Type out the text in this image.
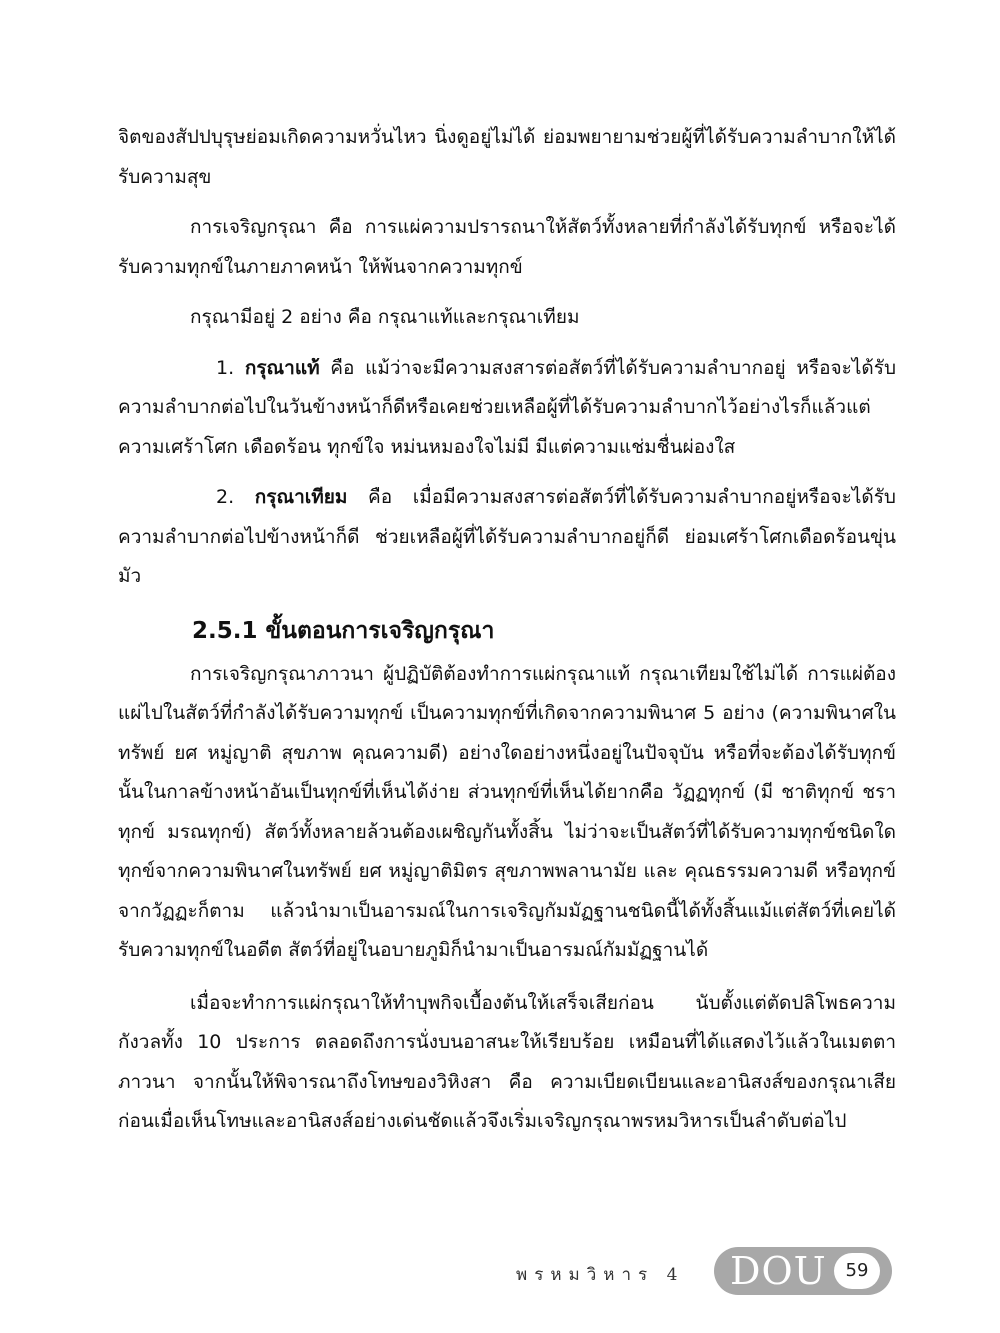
จิตของสัปปบุรุษย่อมเกิดความหวั่นไหว นิ่งดูอยู่ไม่ได้ ย่อมพยายามช่วยผู้ที่ได้รับความลำบากให้ได้รับความสุข

การเจริญกรุณา คือ การแผ่ความปรารถนาให้สัตว์ทั้งหลายที่กำลังได้รับทุกข์ หรือจะได้รับความทุกข์ในภายภาคหน้า ให้พ้นจากความทุกข์

กรุณามีอยู่ 2 อย่าง คือ กรุณาแท้และกรุณาเทียม

1. กรุณาแท้ คือ แม้ว่าจะมีความสงสารต่อสัตว์ที่ได้รับความลำบากอยู่ หรือจะได้รับความลำบากต่อไปในวันข้างหน้าก็ดีหรือเคยช่วยเหลือผู้ที่ได้รับความลำบากไว้อย่างไรก็แล้วแต่ ความเศร้าโศก เดือดร้อน ทุกข์ใจ หม่นหมองใจไม่มี มีแต่ความแช่มชื่นผ่องใส

2. กรุณาเทียม คือ เมื่อมีความสงสารต่อสัตว์ที่ได้รับความลำบากอยู่หรือจะได้รับความลำบากต่อไปข้างหน้าก็ดี ช่วยเหลือผู้ที่ได้รับความลำบากอยู่ก็ดี ย่อมเศร้าโศกเดือดร้อนขุ่นมัว

2.5.1 ขั้นตอนการเจริญกรุณา

การเจริญกรุณาภาวนา ผู้ปฏิบัติต้องทำการแผ่กรุณาแท้ กรุณาเทียมใช้ไม่ได้ การแผ่ต้องแผ่ไปในสัตว์ที่กำลังได้รับความทุกข์ เป็นความทุกข์ที่เกิดจากความพินาศ 5 อย่าง (ความพินาศในทรัพย์ ยศ หมู่ญาติ สุขภาพ คุณความดี) อย่างใดอย่างหนึ่งอยู่ในปัจจุบัน หรือที่จะต้องได้รับทุกข์นั้นในกาลข้างหน้าอันเป็นทุกข์ที่เห็นได้ง่าย ส่วนทุกข์ที่เห็นได้ยากคือ วัฏฏทุกข์ (มี ชาติทุกข์ ชราทุกข์ มรณทุกข์) สัตว์ทั้งหลายล้วนต้องเผชิญกันทั้งสิ้น ไม่ว่าจะเป็นสัตว์ที่ได้รับความทุกข์ชนิดใด ทุกข์จากความพินาศในทรัพย์ ยศ หมู่ญาติมิตร สุขภาพพลานามัย และ คุณธรรมความดี หรือทุกข์จากวัฏฏะก็ตาม แล้วนำมาเป็นอารมณ์ในการเจริญกัมมัฏฐานชนิดนี้ได้ทั้งสิ้นแม้แต่สัตว์ที่เคยได้รับความทุกข์ในอดีต สัตว์ที่อยู่ในอบายภูมิก็นำมาเป็นอารมณ์กัมมัฏฐานได้

เมื่อจะทำการแผ่กรุณาให้ทำบุพกิจเบื้องต้นให้เสร็จเสียก่อน นับตั้งแต่ตัดปลิโพธความกังวลทั้ง 10 ประการ ตลอดถึงการนั่งบนอาสนะให้เรียบร้อย เหมือนที่ได้แสดงไว้แล้วในเมตตาภาวนา จากนั้นให้พิจารณาถึงโทษของวิหิงสา คือ ความเบียดเบียนและอานิสงส์ของกรุณาเสียก่อนเมื่อเห็นโทษและอานิสงส์อย่างเด่นชัดแล้วจึงเริ่มเจริญกรุณาพรหมวิหารเป็นลำดับต่อไป

พรหมวิหาร 4 DOU	59
